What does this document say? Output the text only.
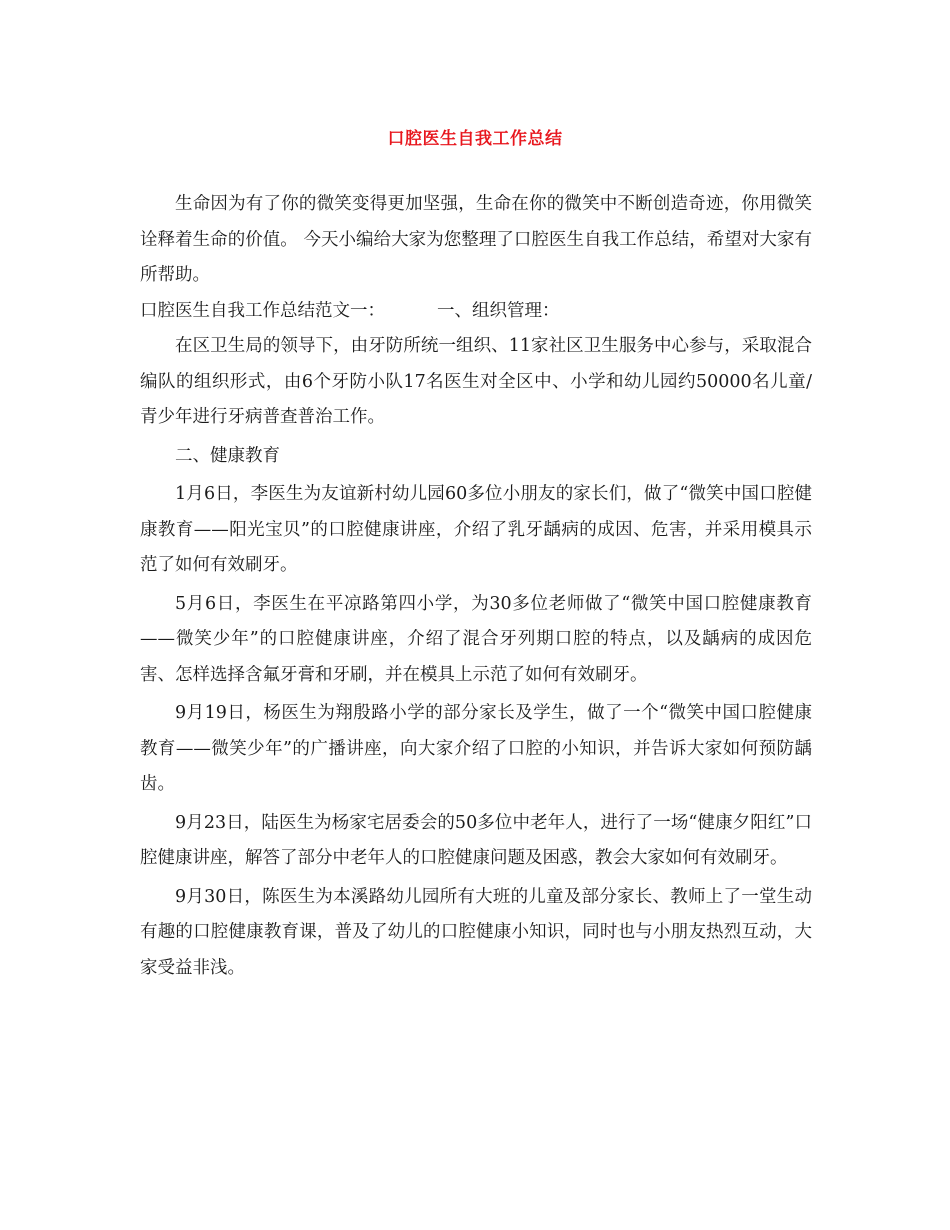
口腔医生自我工作总结

生命因为有了你的微笑变得更加坚强，生命在你的微笑中不断创造奇迹，你用微笑诠释着生命的价值。 今天小编给大家为您整理了口腔医生自我工作总结，希望对大家有所帮助。

口腔医生自我工作总结范文一：	一、组织管理：

在区卫生局的领导下，由牙防所统一组织、11家社区卫生服务中心参与，采取混合编队的组织形式，由6个牙防小队17名医生对全区中、小学和幼儿园约50000名儿童/青少年进行牙病普查普治工作。

二、健康教育

1月6日，李医生为友谊新村幼儿园60多位小朋友的家长们，做了“微笑中国口腔健康教育——阳光宝贝”的口腔健康讲座，介绍了乳牙龋病的成因、危害，并采用模具示范了如何有效刷牙。

5月6日，李医生在平凉路第四小学，为30多位老师做了“微笑中国口腔健康教育——微笑少年”的口腔健康讲座，介绍了混合牙列期口腔的特点，以及龋病的成因危害、怎样选择含氟牙膏和牙刷，并在模具上示范了如何有效刷牙。

9月19日，杨医生为翔殷路小学的部分家长及学生，做了一个“微笑中国口腔健康教育——微笑少年”的广播讲座，向大家介绍了口腔的小知识，并告诉大家如何预防龋齿。

9月23日，陆医生为杨家宅居委会的50多位中老年人，进行了一场“健康夕阳红”口腔健康讲座，解答了部分中老年人的口腔健康问题及困惑，教会大家如何有效刷牙。

9月30日，陈医生为本溪路幼儿园所有大班的儿童及部分家长、教师上了一堂生动有趣的口腔健康教育课，普及了幼儿的口腔健康小知识，同时也与小朋友热烈互动，大家受益非浅。
